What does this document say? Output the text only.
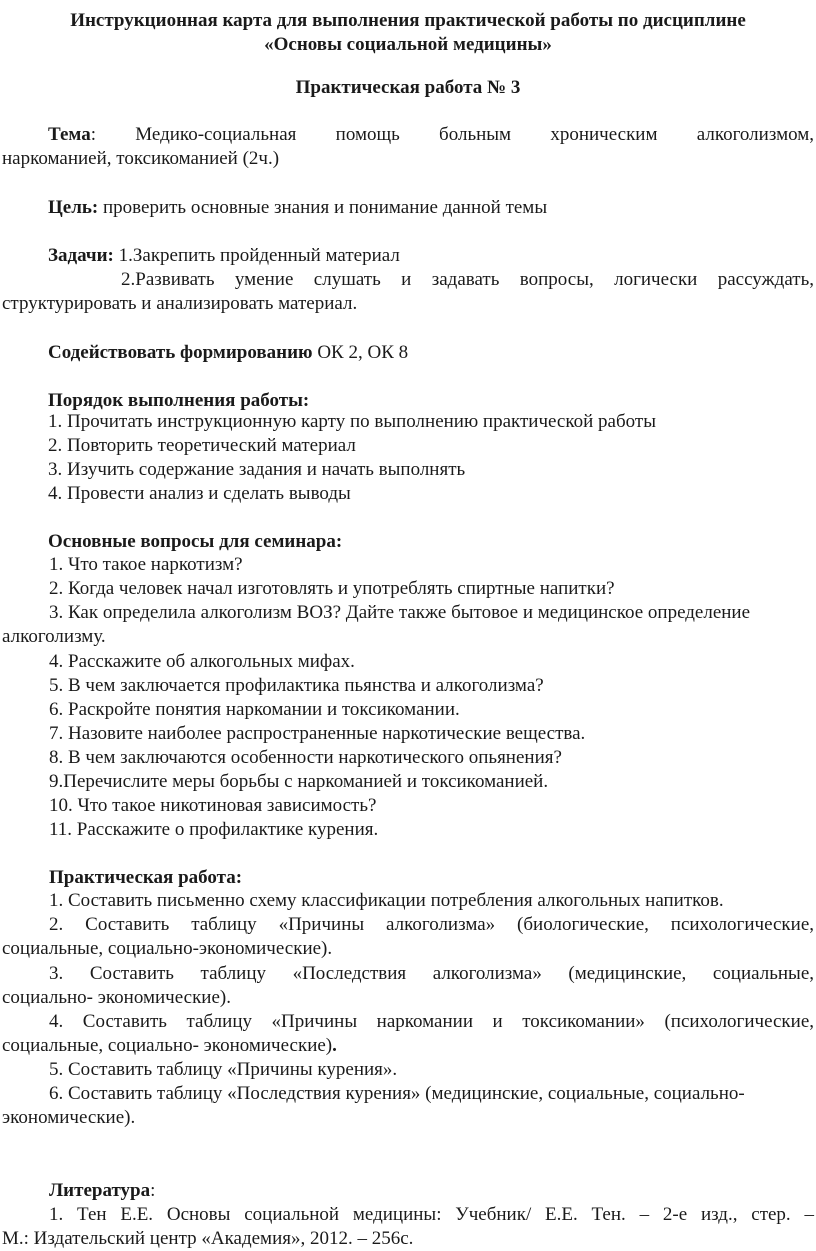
Инструкционная карта для выполнения практической работы по дисциплине
«Основы социальной медицины»
Практическая работа № 3
Тема: Медико-социальная помощь больным хроническим алкоголизмом,
наркоманией, токсикоманией (2ч.)
Цель: проверить основные знания и понимание данной темы
Задачи: 1.Закрепить пройденный материал
2.Развивать умение слушать и задавать вопросы, логически рассуждать,
структурировать и анализировать материал.
Содействовать формированию ОК 2, ОК 8
Порядок выполнения работы:
1. Прочитать инструкционную карту по выполнению практической работы
2. Повторить теоретический материал
3. Изучить содержание задания и начать выполнять
4. Провести анализ и сделать выводы
Основные вопросы для семинара:
1. Что такое наркотизм?
2. Когда человек начал изготовлять и употреблять спиртные напитки?
3. Как определила алкоголизм ВОЗ? Дайте также бытовое и медицинское определение
алкоголизму.
4. Расскажите об алкогольных мифах.
5. В чем заключается профилактика пьянства и алкоголизма?
6. Раскройте понятия наркомании и токсикомании.
7. Назовите наиболее распространенные наркотические вещества.
8. В чем заключаются особенности наркотического опьянения?
9.Перечислите меры борьбы с наркоманией и токсикоманией.
10. Что такое никотиновая зависимость?
11. Расскажите о профилактике курения.
Практическая работа:
1. Составить письменно схему классификации потребления алкогольных напитков.
2. Составить таблицу «Причины алкоголизма» (биологические, психологические,
социальные, социально-экономические).
3. Составить таблицу «Последствия алкоголизма» (медицинские, социальные,
социально- экономические).
4. Составить таблицу «Причины наркомании и токсикомании» (психологические,
социальные, социально- экономические).
5. Составить таблицу «Причины курения».
6. Составить таблицу «Последствия курения» (медицинские, социальные, социально-
экономические).
Литература:
1. Тен Е.Е. Основы социальной медицины: Учебник/ Е.Е. Тен. – 2-е изд., стер. –
М.: Издательский центр «Академия», 2012. – 256с.
